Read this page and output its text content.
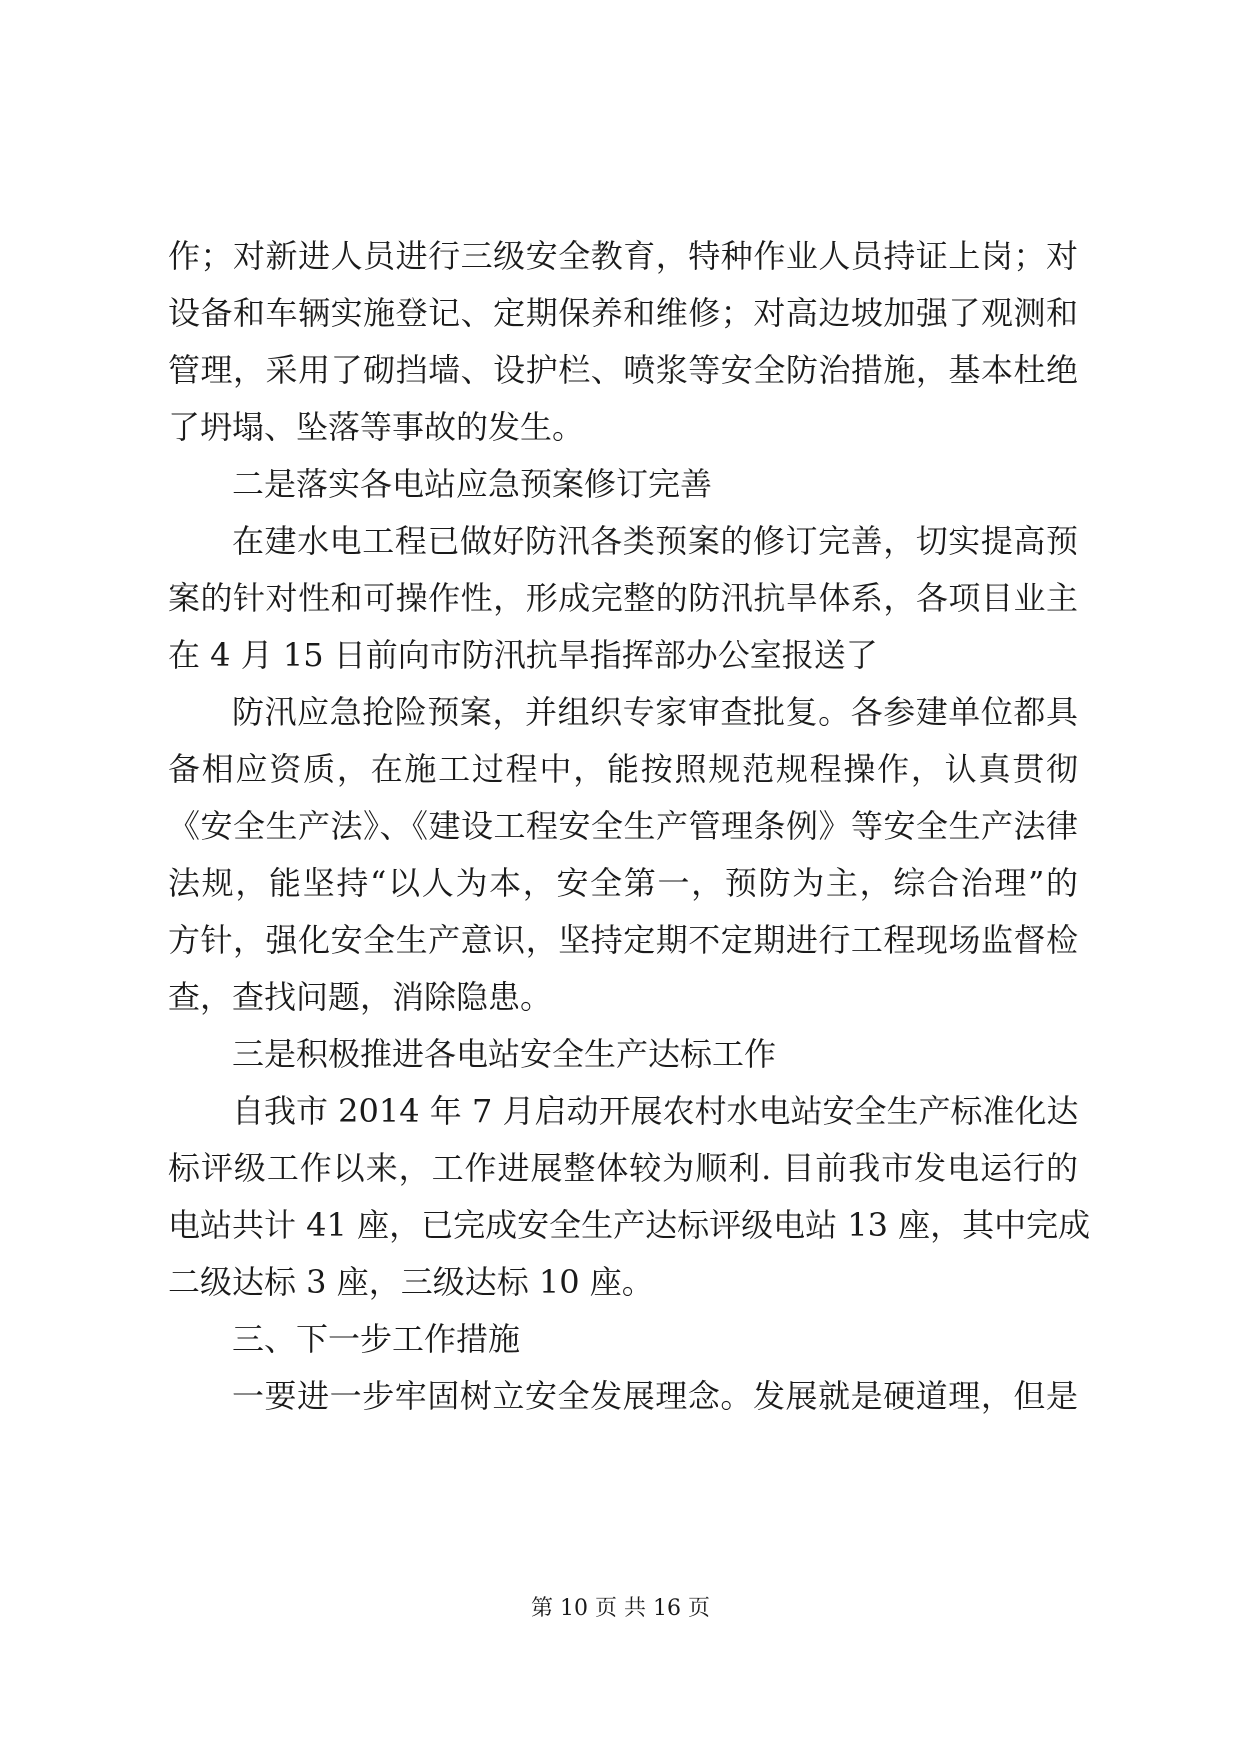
作；对新进人员进行三级安全教育，特种作业人员持证上岗；对
设备和车辆实施登记、定期保养和维修；对高边坡加强了观测和
管理，采用了砌挡墙、设护栏、喷浆等安全防治措施，基本杜绝
了坍塌、坠落等事故的发生。
二是落实各电站应急预案修订完善
在建水电工程已做好防汛各类预案的修订完善，切实提高预
案的针对性和可操作性，形成完整的防汛抗旱体系，各项目业主
在 4 月 15 日前向市防汛抗旱指挥部办公室报送了
防汛应急抢险预案，并组织专家审查批复。各参建单位都具
备相应资质，在施工过程中，能按照规范规程操作，认真贯彻
《安全生产法》、《建设工程安全生产管理条例》等安全生产法律
法规，能坚持“以人为本，安全第一，预防为主，综合治理”的
方针，强化安全生产意识，坚持定期不定期进行工程现场监督检
查，查找问题，消除隐患。
三是积极推进各电站安全生产达标工作
自我市 2014 年 7 月启动开展农村水电站安全生产标准化达
标评级工作以来，工作进展整体较为顺利. 目前我市发电运行的
电站共计 41 座，已完成安全生产达标评级电站 13 座，其中完成
二级达标 3 座，三级达标 10 座。
三、下一步工作措施
一要进一步牢固树立安全发展理念。发展就是硬道理，但是
第 10 页 共 16 页
